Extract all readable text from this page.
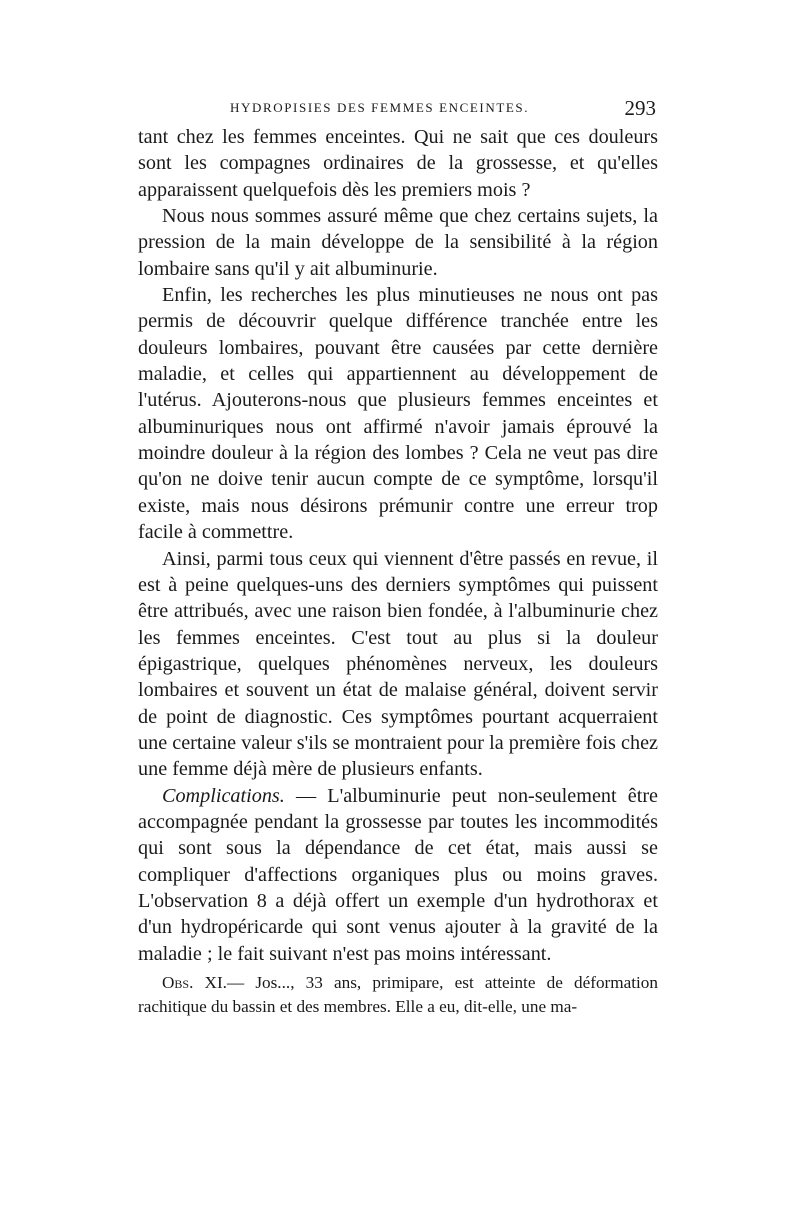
HYDROPISIES DES FEMMES ENCEINTES.	293

tant chez les femmes enceintes. Qui ne sait que ces douleurs sont les compagnes ordinaires de la grossesse, et qu'elles apparaissent quelquefois dès les premiers mois ?

Nous nous sommes assuré même que chez certains sujets, la pression de la main développe de la sensibilité à la région lombaire sans qu'il y ait albuminurie.

Enfin, les recherches les plus minutieuses ne nous ont pas permis de découvrir quelque différence tranchée entre les douleurs lombaires, pouvant être causées par cette dernière maladie, et celles qui appartiennent au développement de l'utérus. Ajouterons-nous que plusieurs femmes enceintes et albuminuriques nous ont affirmé n'avoir jamais éprouvé la moindre douleur à la région des lombes ? Cela ne veut pas dire qu'on ne doive tenir aucun compte de ce symptôme, lorsqu'il existe, mais nous désirons prémunir contre une erreur trop facile à commettre.

Ainsi, parmi tous ceux qui viennent d'être passés en revue, il est à peine quelques-uns des derniers symptômes qui puissent être attribués, avec une raison bien fondée, à l'albuminurie chez les femmes enceintes. C'est tout au plus si la douleur épigastrique, quelques phénomènes nerveux, les douleurs lombaires et souvent un état de malaise général, doivent servir de point de diagnostic. Ces symptômes pourtant acquerraient une certaine valeur s'ils se montraient pour la première fois chez une femme déjà mère de plusieurs enfants.

Complications. — L'albuminurie peut non-seulement être accompagnée pendant la grossesse par toutes les incommodités qui sont sous la dépendance de cet état, mais aussi se compliquer d'affections organiques plus ou moins graves. L'observation 8 a déjà offert un exemple d'un hydrothorax et d'un hydropéricarde qui sont venus ajouter à la gravité de la maladie ; le fait suivant n'est pas moins intéressant.

Obs. XI.— Jos..., 33 ans, primipare, est atteinte de déformation rachitique du bassin et des membres. Elle a eu, dit-elle, une ma-
